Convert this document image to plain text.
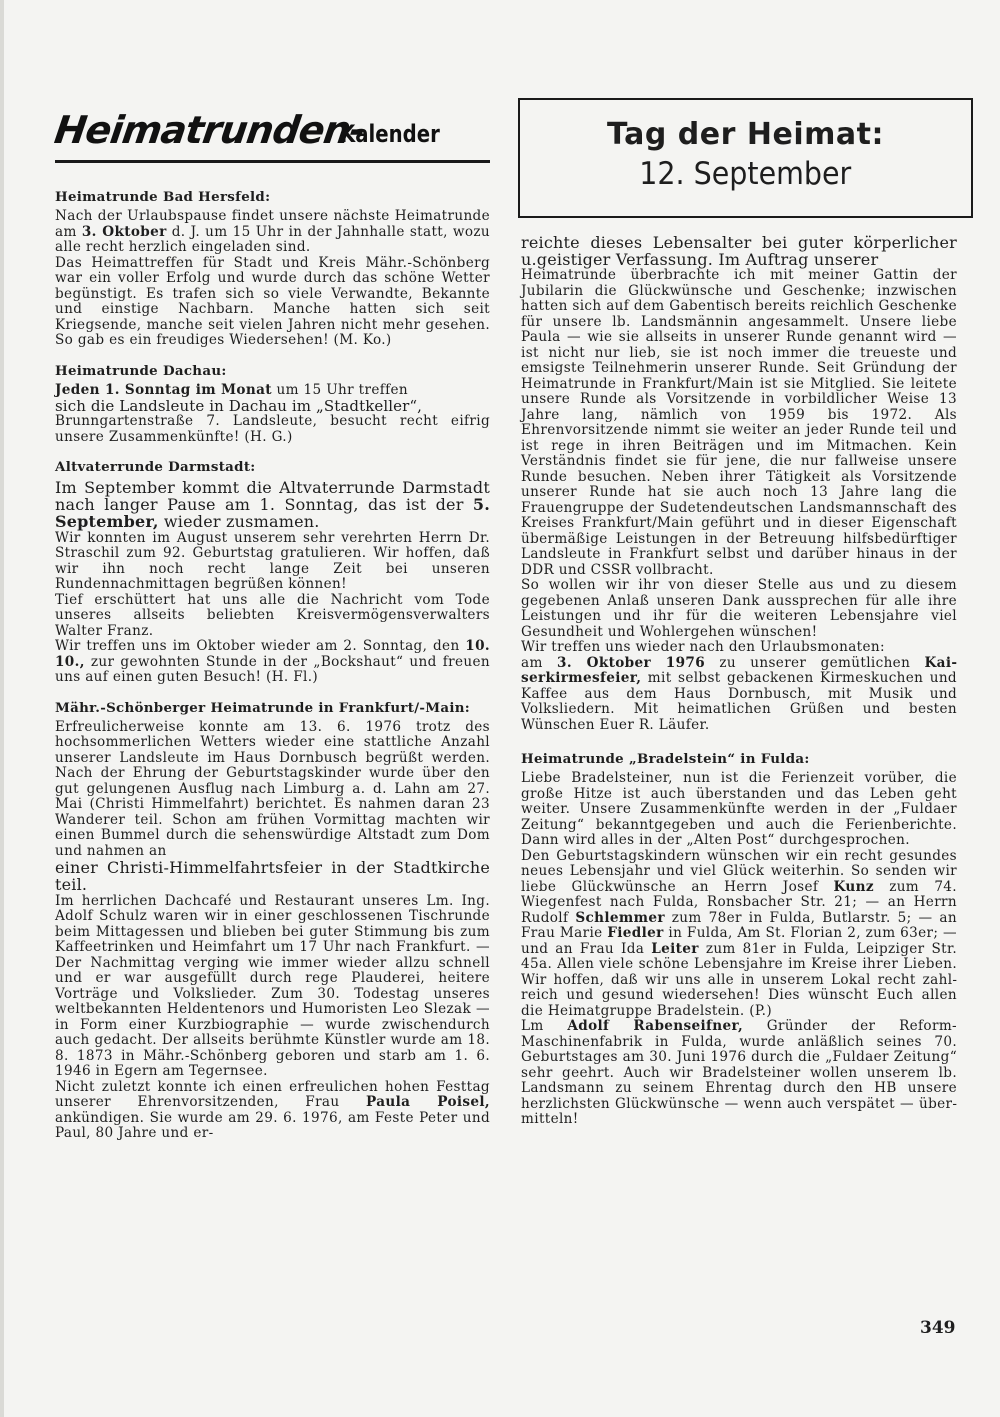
Heimatrunden-
Kalender
Heimatrunde Bad Hersfeld:

Nach der Urlaubspause findet unsere nächste Heimatrunde am 3. Oktober d. J. um 15 Uhr in der Jahnhalle statt, wozu alle recht herzlich eingeladen sind.

Das Heimattreffen für Stadt und Kreis Mähr.-Schönberg war ein voller Erfolg und wurde durch das schöne Wetter begünstigt. Es trafen sich so viele Verwandte, Bekannte und einstige Nachbarn. Manche hatten sich seit Kriegsende, manche seit vielen Jahren nicht mehr gesehen. So gab es ein freudiges Wiedersehen! (M. Ko.)

Heimatrunde Dachau:

Jeden 1. Sonntag im Monat um 15 Uhr treffen

sich die Landsleute in Dachau im „Stadtkeller“,

Brunngartenstraße 7. Landsleute, besucht recht eifrig unsere Zusammenkünfte! (H. G.)

Altvaterrunde Darmstadt:

Im September kommt die Altvaterrunde Darmstadt nach langer Pause am 1. Sonntag, das ist der 5. September, wieder zusmamen.

Wir konnten im August unserem sehr verehrten Herrn Dr. Straschil zum 92. Geburtstag gratulieren. Wir hoffen, daß wir ihn noch recht lange Zeit bei unseren Rundennachmittagen begrüßen können!

Tief erschüttert hat uns alle die Nachricht vom Tode unseres allseits beliebten Kreisvermögensverwalters Walter Franz.

Wir treffen uns im Oktober wieder am 2. Sonntag, den 10. 10., zur gewohnten Stunde in der „Bockshaut“ und freuen uns auf einen guten Besuch! (H. Fl.)

Mähr.-Schönberger Heimatrunde in Frankfurt/-Main:

Erfreulicherweise konnte am 13. 6. 1976 trotz des hochsommerlichen Wetters wieder eine stattliche Anzahl unserer Landsleute im Haus Dornbusch begrüßt werden. Nach der Ehrung der Geburtstagskinder wurde über den gut gelungenen Ausflug nach Limburg a. d. Lahn am 27. Mai (Christi Himmelfahrt) berichtet. Es nahmen daran 23 Wanderer teil. Schon am frühen Vormittag machten wir einen Bummel durch die sehenswürdige Altstadt zum Dom und nahmen an

einer Christi-Himmelfahrtsfeier in der Stadtkirche teil.

Im herrlichen Dachcafé und Restaurant unseres Lm. Ing. Adolf Schulz waren wir in einer geschlossenen Tischrunde beim Mittagessen und blieben bei guter Stimmung bis zum Kaffeetrinken und Heimfahrt um 17 Uhr nach Frankfurt. — Der Nachmittag verging wie immer wieder allzu schnell und er war ausgefüllt durch rege Plauderei, heitere Vorträge und Volkslieder. Zum 30. Todestag unseres weltbekannten Heldentenors und Humoristen Leo Slezak — in Form einer Kurzbiographie — wurde zwischendurch auch gedacht. Der allseits berühmte Künstler wurde am 18. 8. 1873 in Mähr.-Schönberg geboren und starb am 1. 6. 1946 in Egern am Tegernsee.

Nicht zuletzt konnte ich einen erfreulichen hohen Festtag unserer Ehrenvorsitzenden, Frau Paula Poisel, ankündigen. Sie wurde am 29. 6. 1976, am Feste Peter und Paul, 80 Jahre und er-

Tag der Heimat:
12. September

reichte dieses Lebensalter bei guter körperlicher u.geistiger Verfassung. Im Auftrag unserer

Heimatrunde überbrachte ich mit meiner Gattin der Jubilarin die Glückwünsche und Geschenke; inzwischen hatten sich auf dem Gabentisch bereits reichlich Geschenke für unsere lb. Landsmännin angesammelt. Unsere liebe Paula — wie sie allseits in unserer Runde genannt wird — ist nicht nur lieb, sie ist noch immer die treueste und emsigste Teilnehmerin unserer Runde. Seit Gründung der Heimatrunde in Frankfurt/Main ist sie Mitglied. Sie leitete unsere Runde als Vorsitzende in vorbildlicher Weise 13 Jahre lang, nämlich von 1959 bis 1972. Als Ehrenvorsitzende nimmt sie weiter an jeder Runde teil und ist rege in ihren Beiträgen und im Mitmachen. Kein Verständnis findet sie für jene, die nur fallweise unsere Runde besuchen. Neben ihrer Tätigkeit als Vorsitzende unserer Runde hat sie auch noch 13 Jahre lang die Frauengruppe der Sudetendeutschen Landsmannschaft des Kreises Frankfurt/Main geführt und in dieser Eigenschaft übermäßige Leistungen in der Betreuung hilfsbedürftiger Landsleute in Frankfurt selbst und darüber hinaus in der DDR und CSSR vollbracht.

So wollen wir ihr von dieser Stelle aus und zu diesem gegebenen Anlaß unseren Dank aussprechen für alle ihre Leistungen und ihr für die weiteren Lebensjahre viel Gesundheit und Wohlergehen wünschen!

Wir treffen uns wieder nach den Urlaubsmonaten:

am 3. Oktober 1976 zu unserer gemütlichen Kaiserkirmesfeier, mit selbst gebackenen Kirmeskuchen und Kaffee aus dem Haus Dornbusch, mit Musik und Volksliedern. Mit heimatlichen Grüßen und besten Wünschen Euer R. Läufer.

Heimatrunde „Bradelstein“ in Fulda:

Liebe Bradelsteiner, nun ist die Ferienzeit vorüber, die große Hitze ist auch überstanden und das Leben geht weiter. Unsere Zusammenkünfte werden in der „Fuldaer Zeitung“ bekanntgegeben und auch die Ferienberichte. Dann wird alles in der „Alten Post“ durchgesprochen.

Den Geburtstagskindern wünschen wir ein recht gesundes neues Lebensjahr und viel Glück weiterhin. So senden wir liebe Glückwünsche an Herrn Josef Kunz zum 74. Wiegenfest nach Fulda, Ronsbacher Str. 21; — an Herrn Rudolf Schlemmer zum 78er in Fulda, Butlarstr. 5; — an Frau Marie Fiedler in Fulda, Am St. Florian 2, zum 63er; — und an Frau Ida Leiter zum 81er in Fulda, Leipziger Str. 45a. Allen viele schöne Lebensjahre im Kreise ihrer Lieben. Wir hoffen, daß wir uns alle in unserem Lokal recht zahlreich und gesund wiedersehen! Dies wünscht Euch allen die Heimatgruppe Bradelstein. (P.)

Lm Adolf Rabenseifner, Gründer der Reform-Maschinenfabrik in Fulda, wurde anläßlich seines 70. Geburtstages am 30. Juni 1976 durch die „Fuldaer Zeitung“ sehr geehrt. Auch wir Bradelsteiner wollen unserem lb. Landsmann zu seinem Ehrentag durch den HB unsere herzlichsten Glückwünsche — wenn auch verspätet — übermitteln!

349
